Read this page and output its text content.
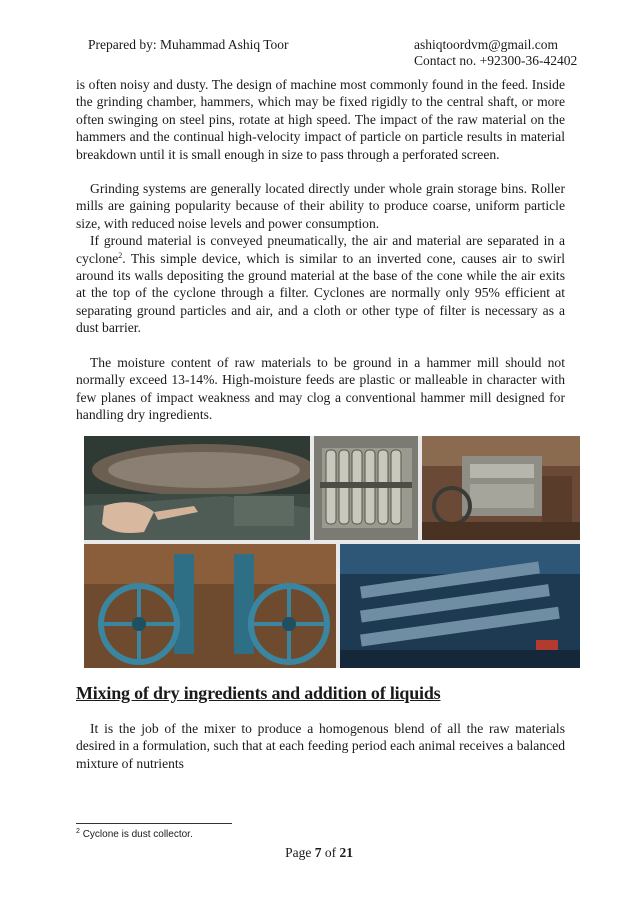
Prepared by: Muhammad Ashiq Toor	ashiqtoordvm@gmail.com
Contact no. +92300-36-42402

is often noisy and dusty. The design of machine most commonly found in the feed. Inside the grinding chamber, hammers, which may be fixed rigidly to the central shaft, or more often swinging on steel pins, rotate at high speed. The impact of the raw material on the hammers and the continual high-velocity impact of particle on particle results in material breakdown until it is small enough in size to pass through a perforated screen.

Grinding systems are generally located directly under whole grain storage bins. Roller mills are gaining popularity because of their ability to produce coarse, uniform particle size, with reduced noise levels and power consumption.

If ground material is conveyed pneumatically, the air and material are separated in a cyclone$^2$. This simple device, which is similar to an inverted cone, causes air to swirl around its walls depositing the ground material at the base of the cone while the air exits at the top of the cyclone through a filter. Cyclones are normally only 95% efficient at separating ground particles and air, and a cloth or other type of filter is necessary as a dust barrier.

The moisture content of raw materials to be ground in a hammer mill should not normally exceed 13-14%. High-moisture feeds are plastic or malleable in character with few planes of impact weakness and may clog a conventional hammer mill designed for handling dry ingredients.

Mixing of dry ingredients and addition of liquids

It is the job of the mixer to produce a homogenous blend of all the raw materials desired in a formulation, such that at each feeding period each animal receives a balanced mixture of nutrients

$^2$ Cyclone is dust collector.
Page 7 of 21
